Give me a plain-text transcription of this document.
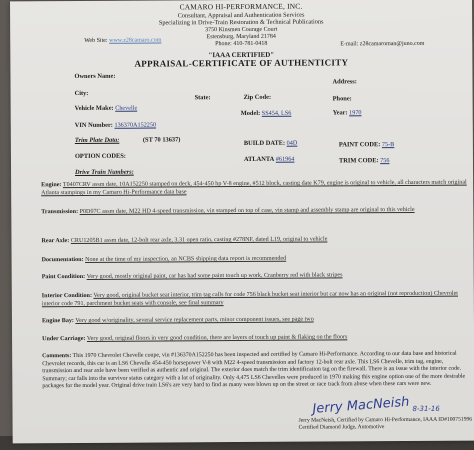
CAMARO HI-PERFORMANCE, INC.
Consultant, Appraisal and Authentication Services
Specializing in Drive-Train Restoration & Technical Publications
3750 Kinsmen Courage Court
Estensburg, Maryland 21784
Phone: 410-781-0418
Web Site: www.z28camaro.com
E-mail: z28camaroman@juno.com
"IAAA CERTIFIED"
APPRAISAL-CERTIFICATE OF AUTHENTICITY
Owners Name:
Address:
City:
State:	Zip Code:	Phone:
Vehicle Make: Chevelle
Model: SS454, LS6	Year: 1970
VIN Number: 136370A152250
Trim Plate Data:	(ST 70 13637)	BUILD DATE: 04D	PAINT CODE: 75-B
OPTION CODES:	ATLANTA #61964	TRIM CODE: 756
Drive Train Numbers:
Engine: T0407CRV assm date, 10A152250 stamped on deck, 454-450 hp V-8 engine, #512 block, casting date K79, engine is original to vehicle, all characters match original Atlanta stampings in my Camaro Hi-Performance data base
Transmission: P0D07C assm date, M22 HD 4-speed transmission, vin stamped on top of case, vin stamp and assembly stamp are original to this vehicle
Rear Axle: CRU1205B1 assm date, 12-bolt rear axle, 3.31 open ratio, casting #278NF, dated L19, original to vehicle
Documentation: None at the time of my inspection, an NCBS shipping data report is recommended
Paint Condition: Very good, mostly original paint, car has had some paint touch up work, Cranberry red with black stripes
Interior Condition: Very good, original bucket seat interior, trim tag calls for code 756 black bucket seat interior but car now has an original (not reproduction) Chevrolet interior code 791, parchment bucket seats with console, see final summary
Engine Bay: Very good w/originality, several service replacement parts, minor component issues, see page two
Under Carriage: Very good, original floors in very good condition, there are layers of touch up paint & flaking on the floors
Comments: This 1970 Chevrolet Chevelle coupe, vin #136370A152250 has been inspected and certified by Camaro Hi-Performance. According to our data base and historical Chevrolet records, this car is an LS6 Chevelle 454-450 horsepower V-8 with M22 4-speed transmission and factory 12-bolt rear axle. This LS6 Chevelle, trim tag, engine, transmission and rear axle have been verified as authentic and original. The exterior does match the trim identification tag on the firewall. There is an issue with the interior code. Summary; car falls into the survivor status category with a lot of originality. Only 4,475 LS6 Chevelles were produced in 1970 making this engine option one of the more desirable packages for the model year. Original drive train LS6's are very hard to find as many were blown up on the street or race track from abuse when these cars were new.
Jerry MacNeish 8-31-16
Jerry MacNeish, Certified by Camaro Hi-Performance, IAAA ID#100751996
Certified Diamond Judge, Automotive
